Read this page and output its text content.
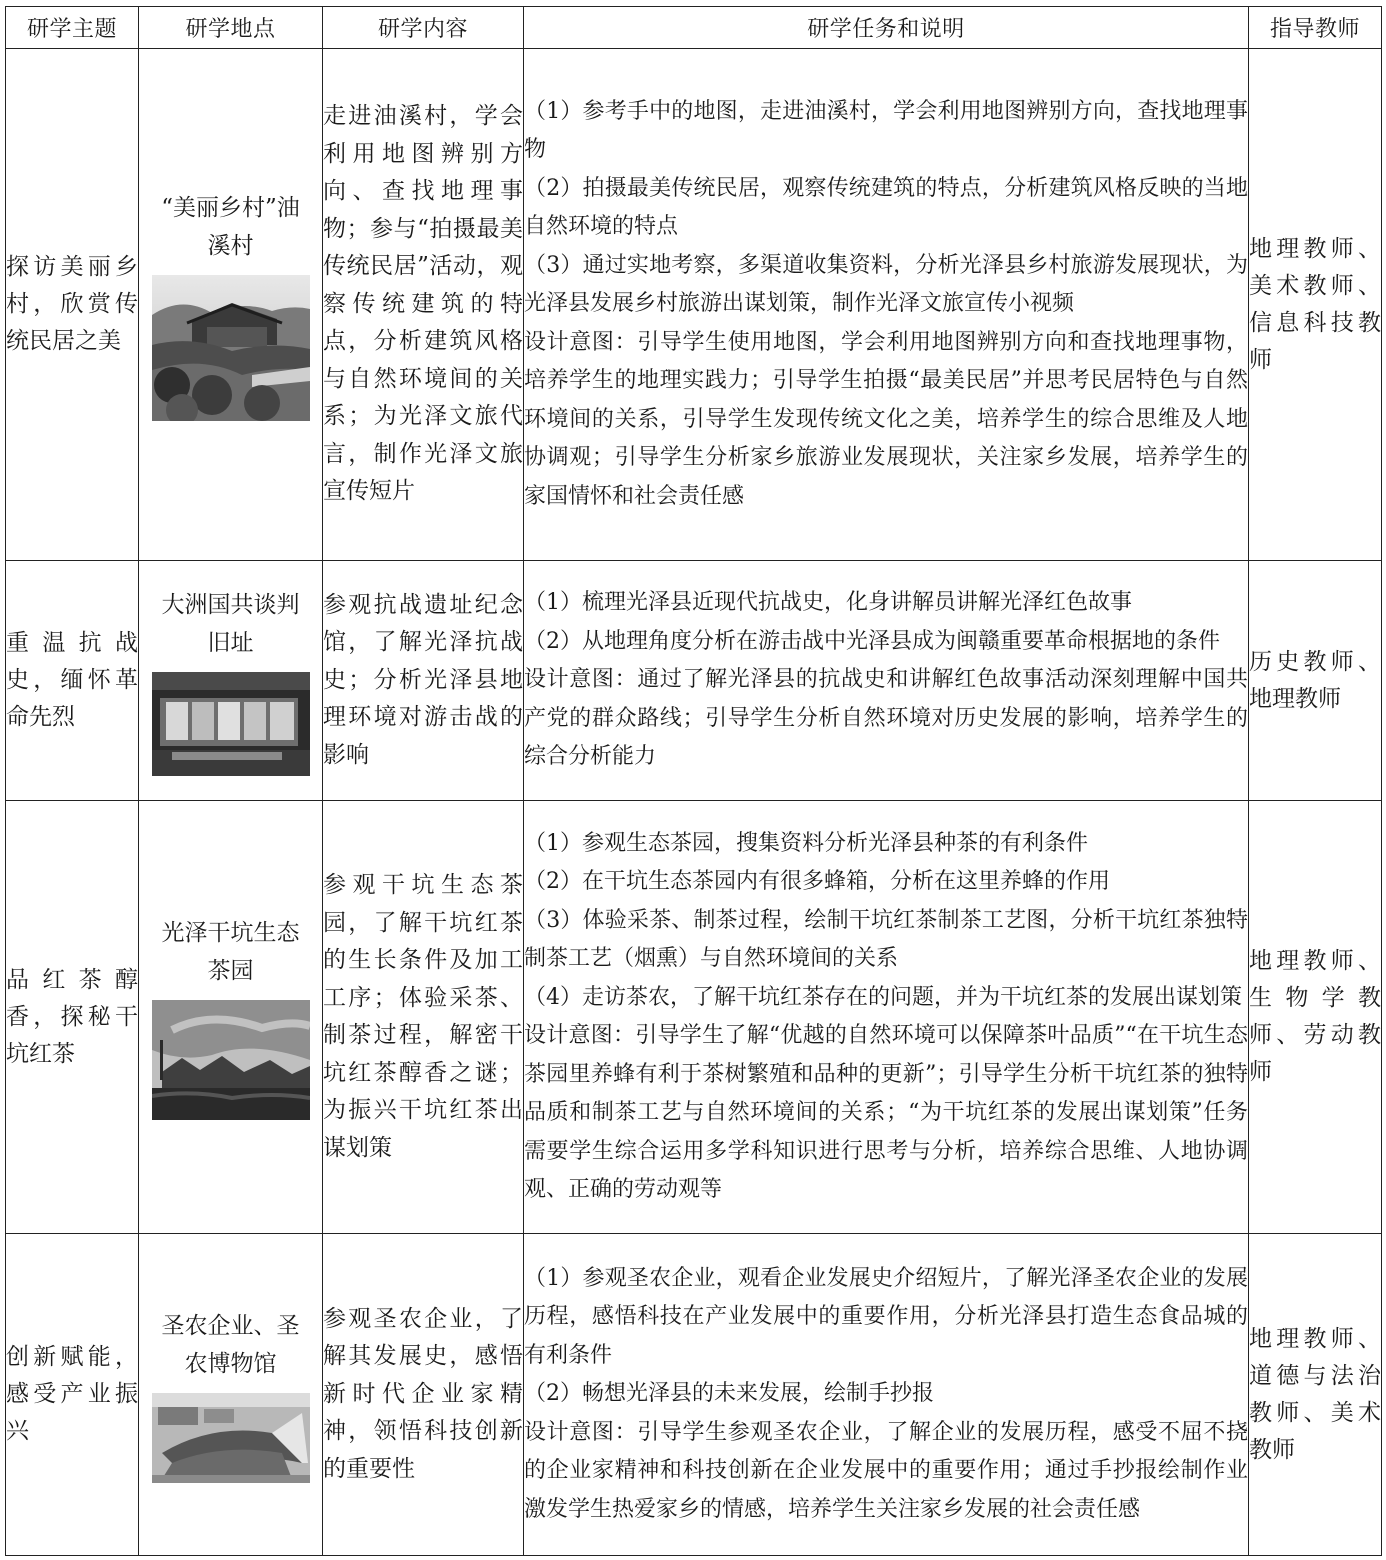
研学主题	研学地点	研学内容	研学任务和说明	指导教师
探访美丽乡村，欣赏传统民居之美	“美丽乡村”油溪村	走进油溪村，学会利用地图辨别方向、查找地理事物；参与“拍摄最美传统民居”活动，观察传统建筑的特点，分析建筑风格与自然环境间的关系；为光泽文旅代言，制作光泽文旅宣传短片	（1）参考手中的地图，走进油溪村，学会利用地图辨别方向，查找地理事物
（2）拍摄最美传统民居，观察传统建筑的特点，分析建筑风格反映的当地自然环境的特点
（3）通过实地考察，多渠道收集资料，分析光泽县乡村旅游发展现状，为光泽县发展乡村旅游出谋划策，制作光泽文旅宣传小视频
设计意图：引导学生使用地图，学会利用地图辨别方向和查找地理事物，培养学生的地理实践力；引导学生拍摄“最美民居”并思考民居特色与自然环境间的关系，引导学生发现传统文化之美，培养学生的综合思维及人地协调观；引导学生分析家乡旅游业发展现状，关注家乡发展，培养学生的家国情怀和社会责任感	地理教师、美术教师、信息科技教师
重温抗战史，缅怀革命先烈	大洲国共谈判旧址	参观抗战遗址纪念馆，了解光泽抗战史；分析光泽县地理环境对游击战的影响	（1）梳理光泽县近现代抗战史，化身讲解员讲解光泽红色故事
（2）从地理角度分析在游击战中光泽县成为闽赣重要革命根据地的条件
设计意图：通过了解光泽县的抗战史和讲解红色故事活动深刻理解中国共产党的群众路线；引导学生分析自然环境对历史发展的影响，培养学生的综合分析能力	历史教师、地理教师
品红茶醇香，探秘干坑红茶	光泽干坑生态茶园	参观干坑生态茶园，了解干坑红茶的生长条件及加工工序；体验采茶、制茶过程，解密干坑红茶醇香之谜；为振兴干坑红茶出谋划策	（1）参观生态茶园，搜集资料分析光泽县种茶的有利条件
（2）在干坑生态茶园内有很多蜂箱，分析在这里养蜂的作用
（3）体验采茶、制茶过程，绘制干坑红茶制茶工艺图，分析干坑红茶独特制茶工艺（烟熏）与自然环境间的关系
（4）走访茶农，了解干坑红茶存在的问题，并为干坑红茶的发展出谋划策
设计意图：引导学生了解“优越的自然环境可以保障茶叶品质”“在干坑生态茶园里养蜂有利于茶树繁殖和品种的更新”；引导学生分析干坑红茶的独特品质和制茶工艺与自然环境间的关系；“为干坑红茶的发展出谋划策”任务需要学生综合运用多学科知识进行思考与分析，培养综合思维、人地协调观、正确的劳动观等	地理教师、生物学教师、劳动教师
创新赋能，感受产业振兴	圣农企业、圣农博物馆	参观圣农企业，了解其发展史，感悟新时代企业家精神，领悟科技创新的重要性	（1）参观圣农企业，观看企业发展史介绍短片，了解光泽圣农企业的发展历程，感悟科技在产业发展中的重要作用，分析光泽县打造生态食品城的有利条件
（2）畅想光泽县的未来发展，绘制手抄报
设计意图：引导学生参观圣农企业，了解企业的发展历程，感受不屈不挠的企业家精神和科技创新在企业发展中的重要作用；通过手抄报绘制作业激发学生热爱家乡的情感，培养学生关注家乡发展的社会责任感	地理教师、道德与法治教师、美术教师
